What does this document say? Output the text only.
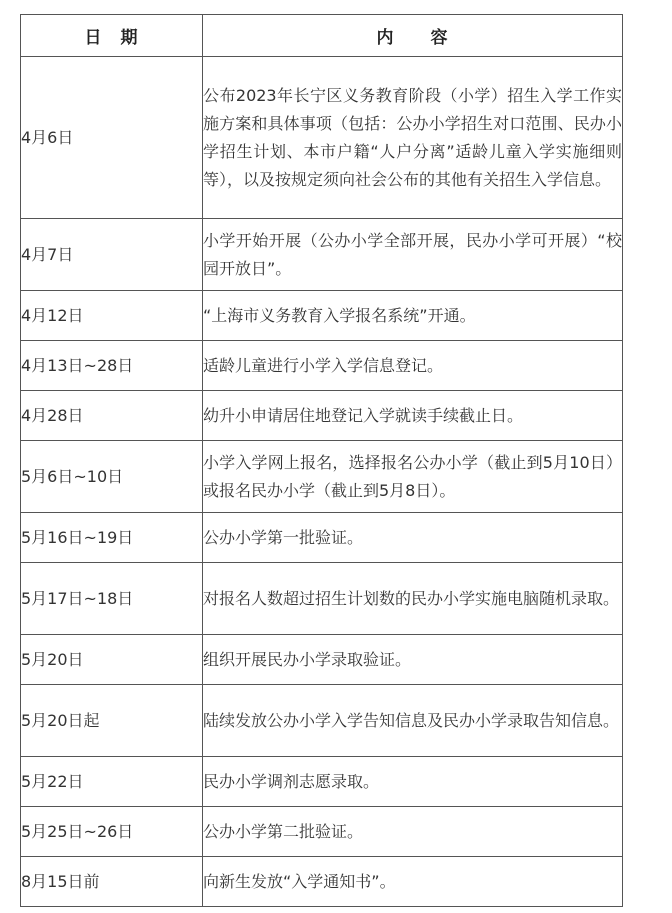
日　期	内　　容
4月6日	公布2023年长宁区义务教育阶段（小学）招生入学工作实施方案和具体事项（包括：公办小学招生对口范围、民办小学招生计划、本市户籍“人户分离”适龄儿童入学实施细则等），以及按规定须向社会公布的其他有关招生入学信息。
4月7日	小学开始开展（公办小学全部开展，民办小学可开展）“校园开放日”。
4月12日	“上海市义务教育入学报名系统”开通。
4月13日~28日	适龄儿童进行小学入学信息登记。
4月28日	幼升小申请居住地登记入学就读手续截止日。
5月6日~10日	小学入学网上报名，选择报名公办小学（截止到5月10日）或报名民办小学（截止到5月8日）。
5月16日~19日	公办小学第一批验证。
5月17日~18日	对报名人数超过招生计划数的民办小学实施电脑随机录取。
5月20日	组织开展民办小学录取验证。
5月20日起	陆续发放公办小学入学告知信息及民办小学录取告知信息。
5月22日	民办小学调剂志愿录取。
5月25日~26日	公办小学第二批验证。
8月15日前	向新生发放“入学通知书”。
